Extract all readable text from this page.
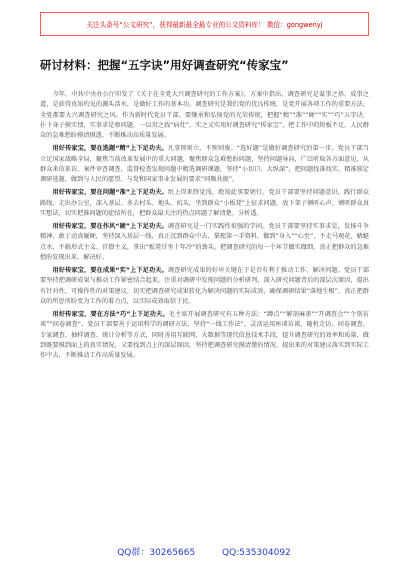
关注头条号“公文研究”，获得最新最全最专业的公文资料库！ 微信：gongwenyj
研讨材料：把握“五字诀”用好调查研究“传家宝”

今年，中共中央办公厅印发了《关于在全党大兴调查研究的工作方案》，方案中指出，调查研究是谋事之基、成事之道，是获得真知灼见的源头活水，是做好工作的基本功。调查研究是我们党的优良传统，是党开展各项工作的重要方法，全党都要大兴调查研究之风。作为新时代党员干部，要继承和弘扬党的光荣传统，把握“精”“准”“硬”“实”“巧”五字诀，扑下身子摸实情，实事求是察问题，一以贯之找“病灶”，实之又实用好调查研究“传家宝”，把工作中的短板不足、人民群众的急难愁盼摸清摸透，不断推动高质量发展。

用好传家宝，要在选题“精”上下足功夫。凡事预则立，不预则废。“选好题”是做好调查研究的第一步。党员干部当立足国家战略全局，聚焦当前改革发展中的重大问题，聚焦群众急难愁盼问题，坚持问题导向，广泛听取各方面意见，从群众来信来访、案件审查调查、监督检查发现问题中精选调研课题，坚持“小切口、大纵深”，把问题找准找实，精准锁定调研选题，做到与人民的愿望、与党和国家事业发展的要求“同频共振”。

用好传家宝，要在问题“准”上下足功夫。纸上得来终觉浅，绝知此事要躬行。党员干部要坚持问题意识，践行群众路线，走出办公室，深入基层、多去村头、地头、炕头，坐到群众“小板凳”上征求问题，放下架子倾听心声，倾听群众真实想法，切实把准问题的症结所在，把群众最关注的热点问题了解清楚、分析透。

用好传家宝，要在作风“硬”上下足功夫。调查研究是一门实践性很强的学问。党员干部要坚持实事求是，发扬斗争精神，敢于动真碰硬，坚持深入基层一线，真正沉到群众中去，掌握第一手资料，做到“身入”“心至”，不走马观花、蜻蜓点水，不搞形式主义、官僚主义，拿出“板凳甘坐十年冷”的劲头，把调查研究的每一个环节做实做细，真正把群众的急难愁盼发现出来、解决好。

用好传家宝，要在成果“实”上下足功夫。调查研究成果的好坏关键在于是否有利于推动工作、解决问题。党员干部要坚持把调研成果与推动工作紧密结合起来，注重对调研中发现问题的分析研判，深入研究问题背后的深层次原因，提出有针对性、可操作性的对策建议，切实把调查研究成果转化为解决问题的实际成效，确保调研结果“落地生根”，真正把群众的所思所盼变为工作的着力点，以实际成效取信于民。

用好传家宝，要在方法“巧”上下足功夫。毛主席开展调查研究有五种方法：“蹲点”“解剖麻雀”“开调查会”“个别访谈”“问卷调查”。党员干部要善于运用科学的调研方法，坚持“一线工作法”，灵活运用座谈访谈、随机走访、问卷调查、专家调查、抽样调查、统计分析等方式，同时善用互联网、大数据等现代信息技术手段，提升调查研究的效率和质量，做到既要摸到面上的真实情况，又要找到点上的深层原因，坚持把调查研究摸清楚的情况、提出来的对策建议落实到实际工作中去，不断推动工作高质量发展。

QQ群：30265665	QQ:535304092
